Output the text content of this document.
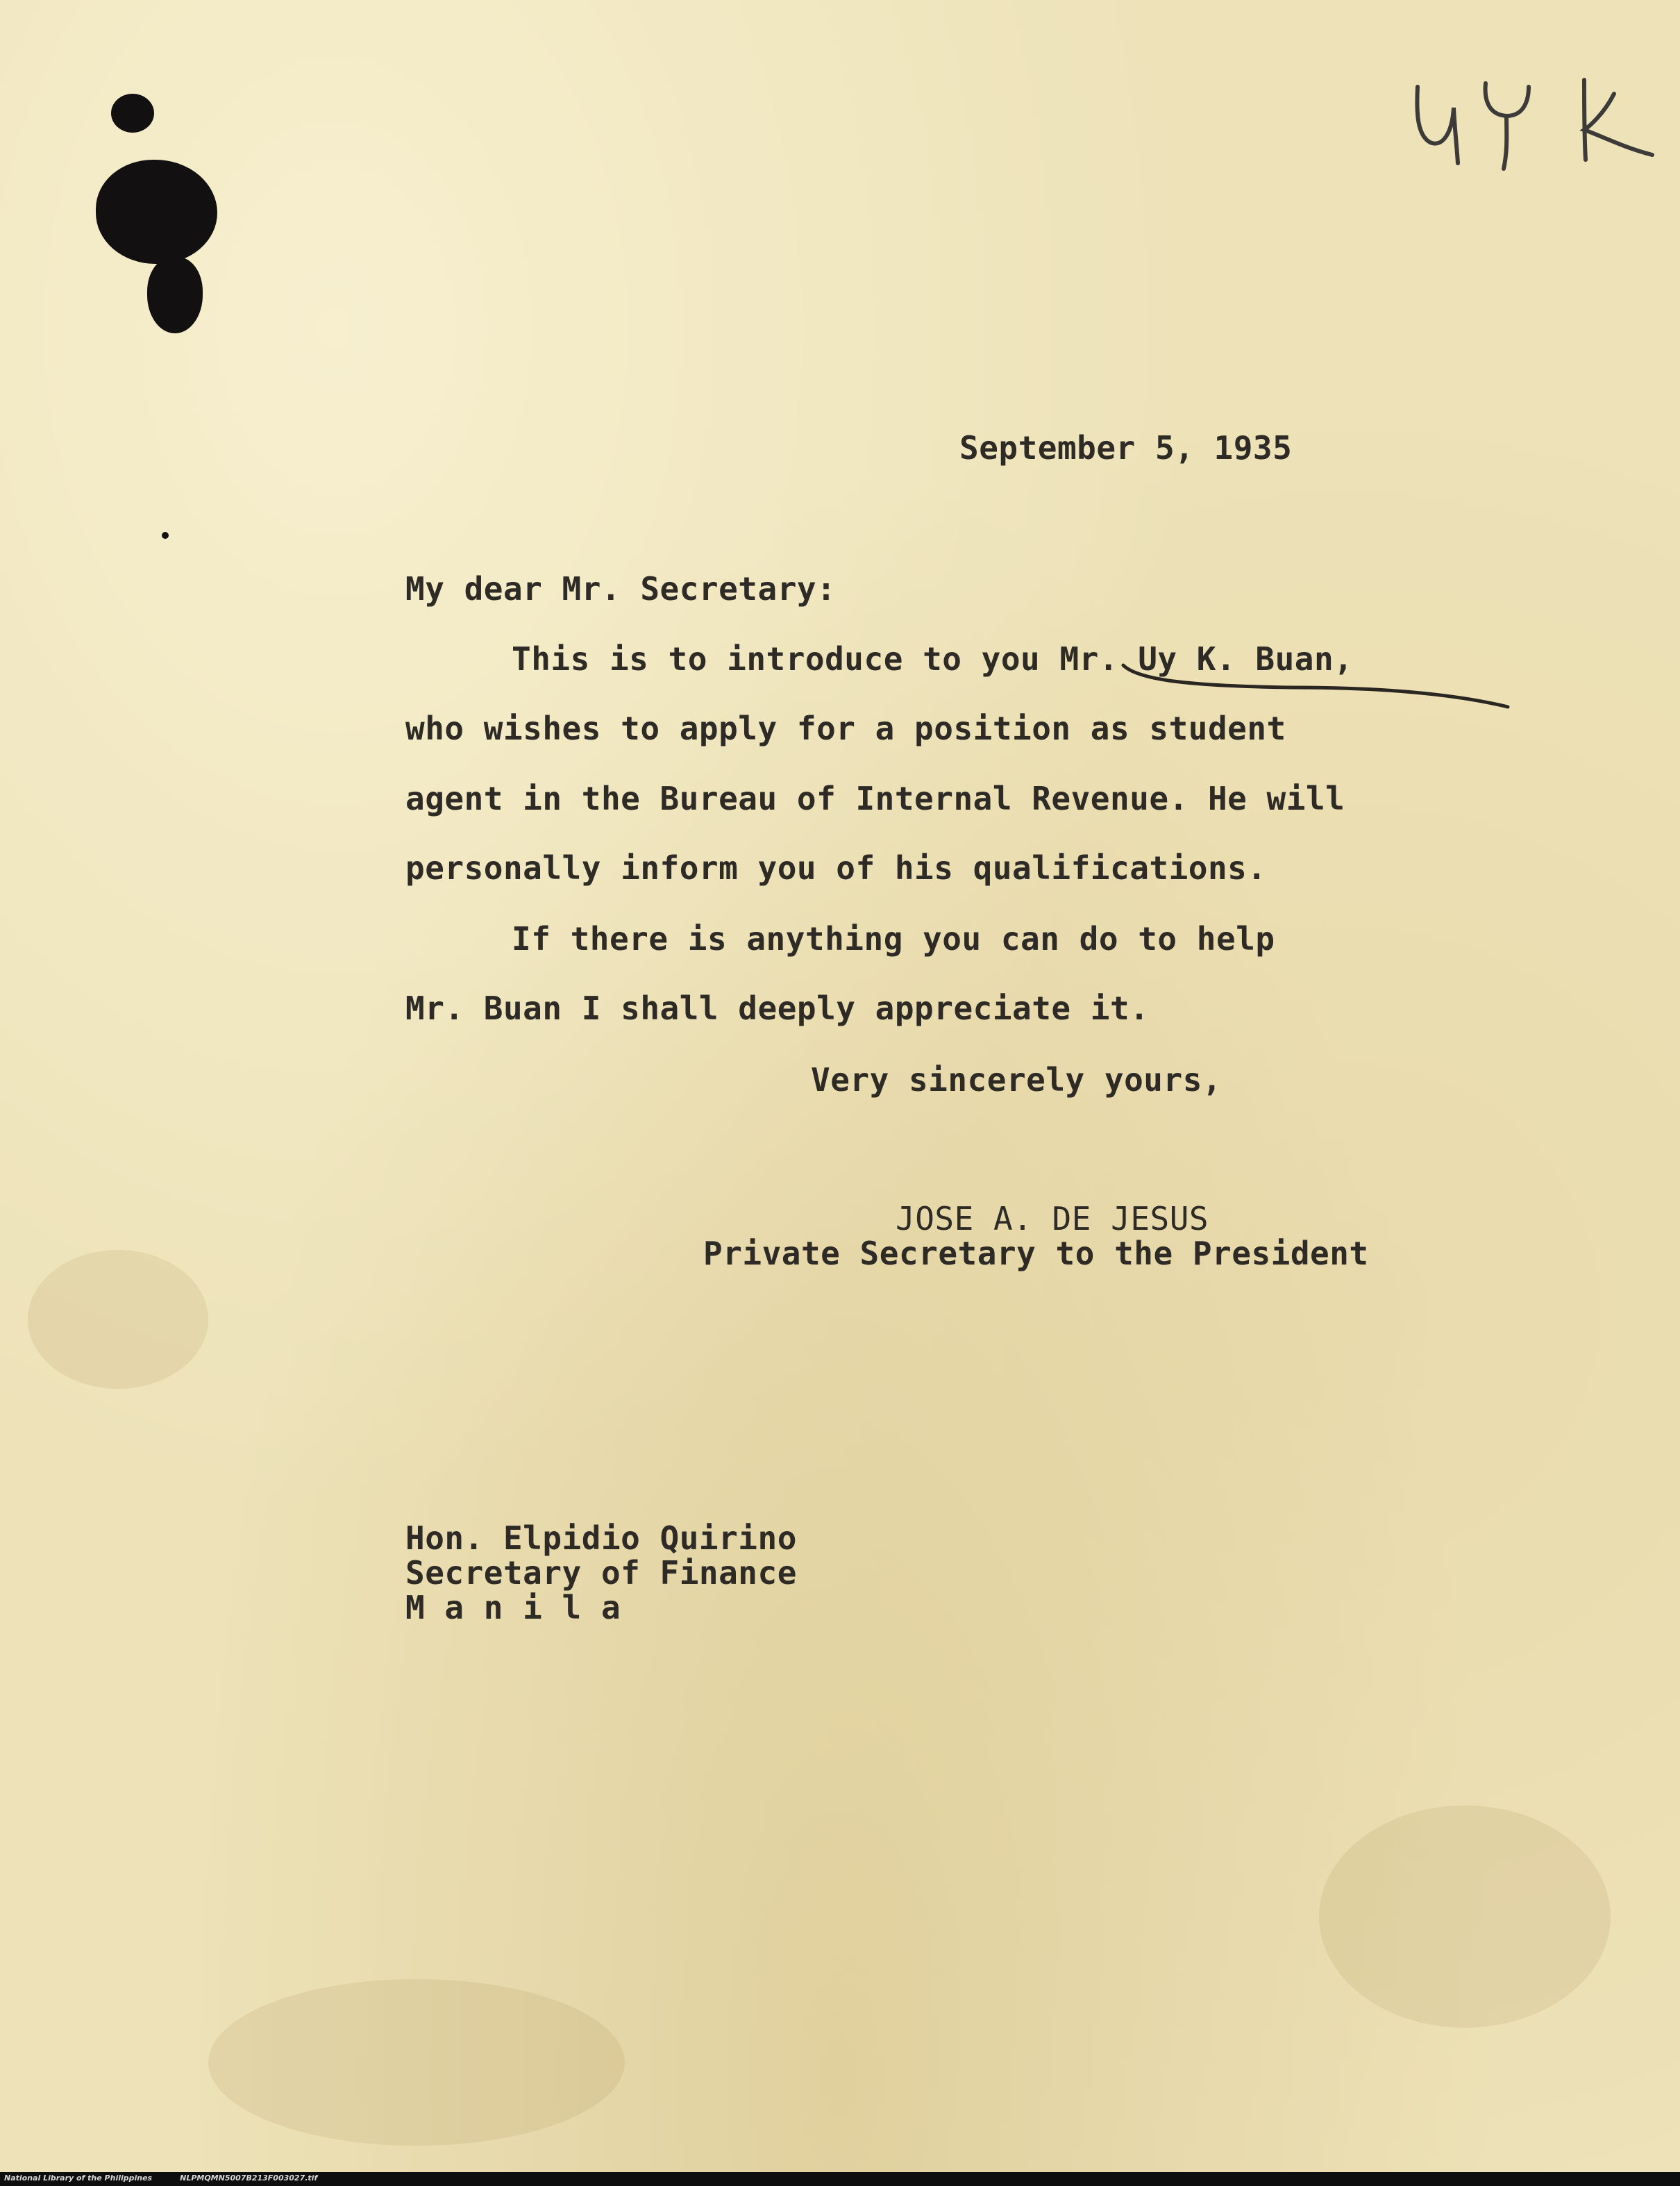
September 5, 1935
My dear Mr. Secretary:
This is to introduce to you Mr. Uy K. Buan,
who wishes to apply for a position as student
agent in the Bureau of Internal Revenue. He will
personally inform you of his qualifications.
If there is anything you can do to help
Mr. Buan I shall deeply appreciate it.
Very sincerely yours,
JOSE A. DE JESUS
Private Secretary to the President
Hon. Elpidio Quirino
Secretary of Finance
M a n i l a
National Library of the Philippines	NLPMQMN5007B213F003027.tif
